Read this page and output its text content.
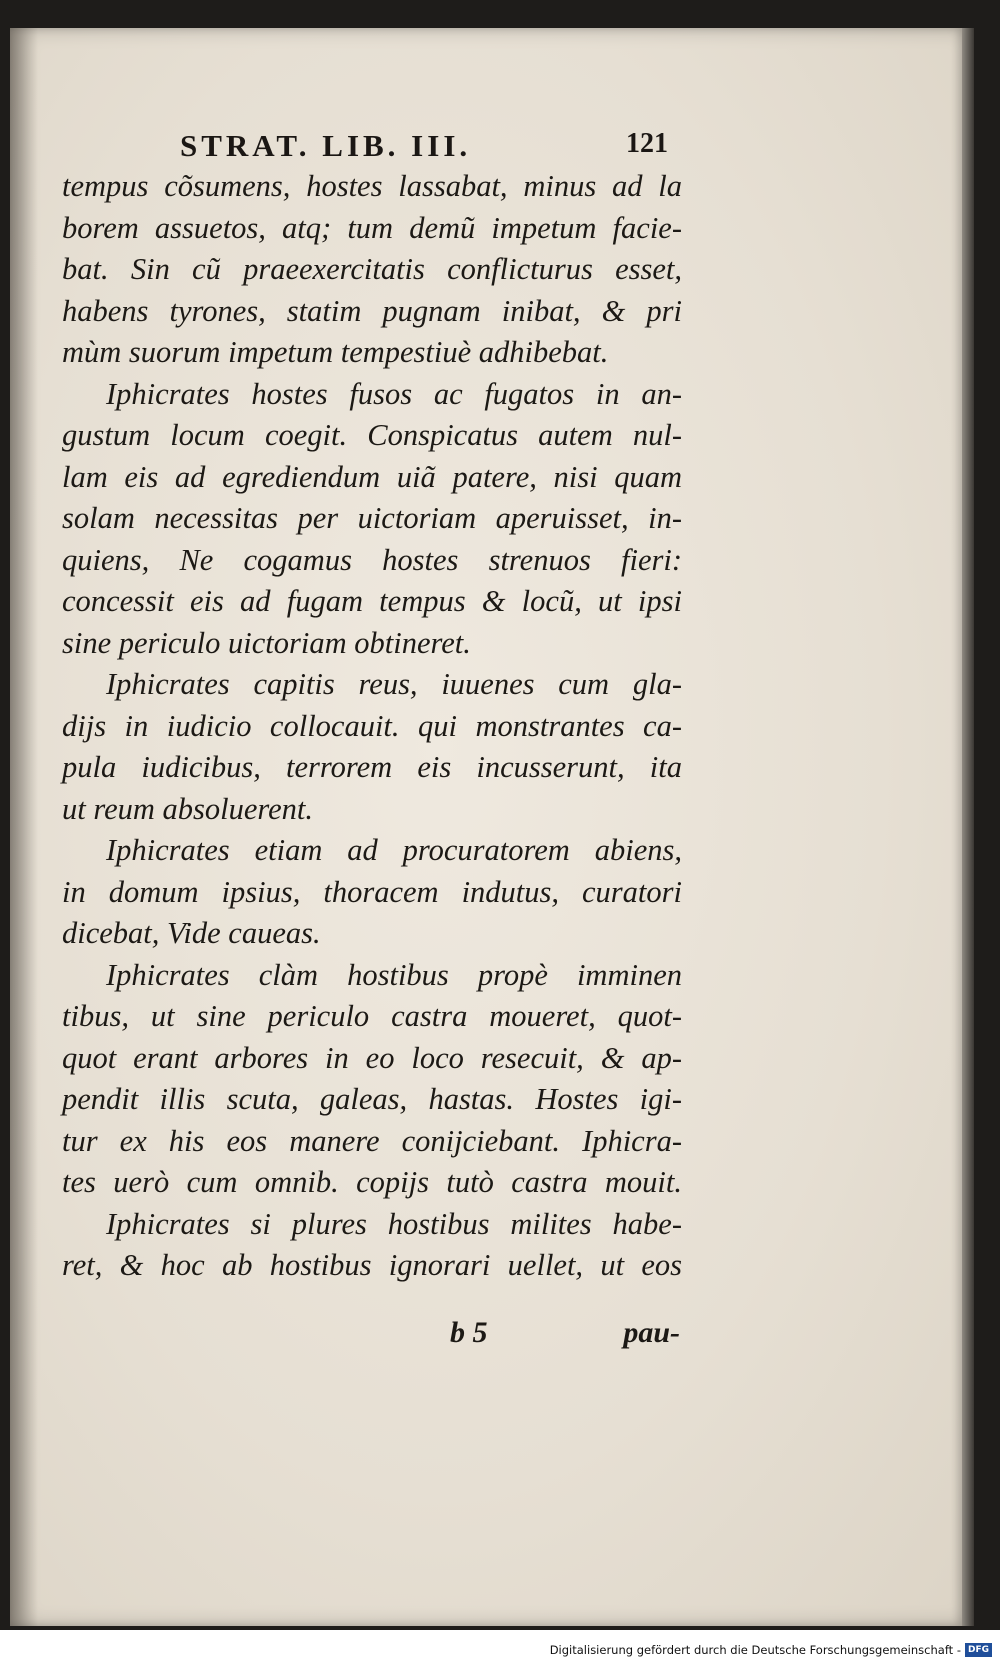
STRAT. LIB. III.	121
tempus cõsumens, hostes lassabat, minus ad la
borem assuetos, atq; tum demũ impetum facie-
bat. Sin cũ praeexercitatis conflicturus esset,
habens tyrones, statim pugnam inibat, & pri
mùm suorum impetum tempestiuè adhibebat.
Iphicrates hostes fusos ac fugatos in an-
gustum locum coegit. Conspicatus autem nul-
lam eis ad egrediendum uiã patere, nisi quam
solam necessitas per uictoriam aperuisset, in-
quiens, Ne cogamus hostes strenuos fieri:
concessit eis ad fugam tempus & locũ, ut ipsi
sine periculo uictoriam obtineret.
Iphicrates capitis reus, iuuenes cum gla-
dijs in iudicio collocauit. qui monstrantes ca-
pula iudicibus, terrorem eis incusserunt, ita
ut reum absoluerent.
Iphicrates etiam ad procuratorem abiens,
in domum ipsius, thoracem indutus, curatori
dicebat, Vide caueas.
Iphicrates clàm hostibus propè imminen
tibus, ut sine periculo castra moueret, quot-
quot erant arbores in eo loco resecuit, & ap-
pendit illis scuta, galeas, hastas. Hostes igi-
tur ex his eos manere conijciebant. Iphicra-
tes uerò cum omnib. copijs tutò castra mouit.
Iphicrates si plures hostibus milites habe-
ret, & hoc ab hostibus ignorari uellet, ut eos
b 5	pau-
Digitalisierung gefördert durch die Deutsche Forschungsgemeinschaft - DFG
